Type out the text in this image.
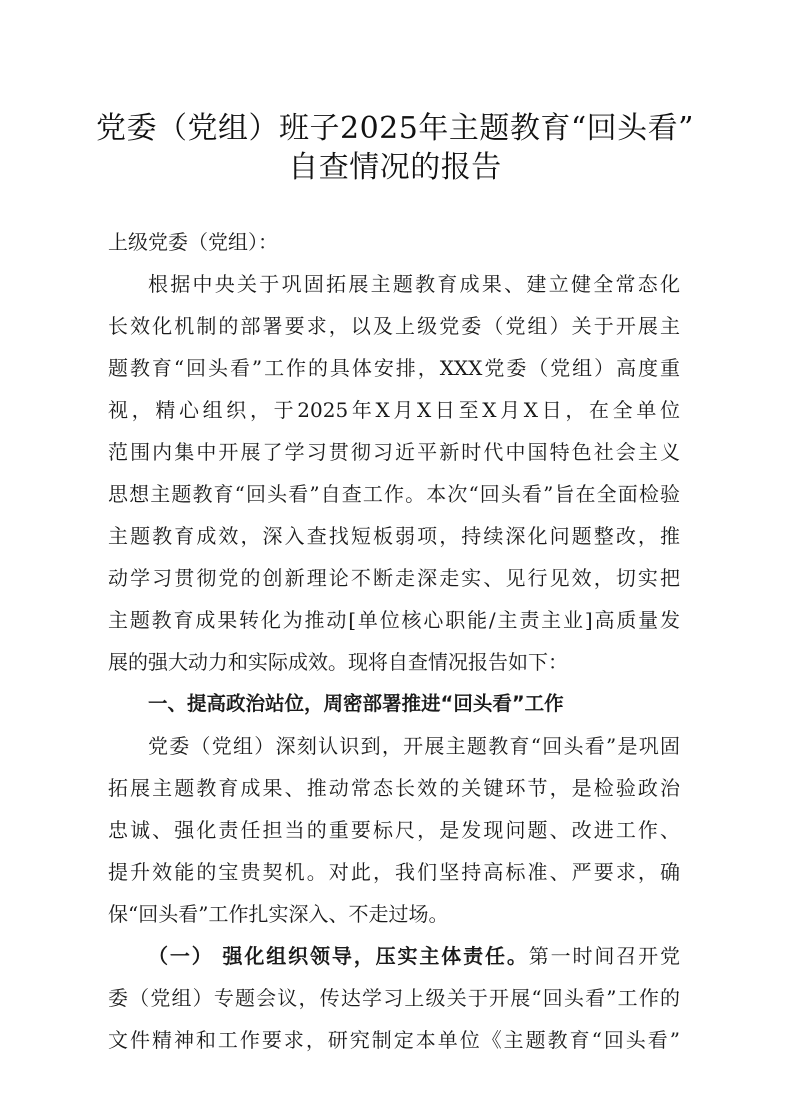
党委（党组）班子2025年主题教育“回头看”
自查情况的报告
上级党委（党组）：
根据中央关于巩固拓展主题教育成果、建立健全常态化
长效化机制的部署要求，以及上级党委（党组）关于开展主
题教育“回头看”工作的具体安排，XXX党委（党组）高度重
视，精心组织，于2025年X月X日至X月X日，在全单位
范围内集中开展了学习贯彻习近平新时代中国特色社会主义
思想主题教育“回头看”自查工作。本次“回头看”旨在全面检验
主题教育成效，深入查找短板弱项，持续深化问题整改，推
动学习贯彻党的创新理论不断走深走实、见行见效，切实把
主题教育成果转化为推动[单位核心职能/主责主业]高质量发
展的强大动力和实际成效。现将自查情况报告如下：
一、提高政治站位，周密部署推进“回头看”工作
党委（党组）深刻认识到，开展主题教育“回头看”是巩固
拓展主题教育成果、推动常态长效的关键环节，是检验政治
忠诚、强化责任担当的重要标尺，是发现问题、改进工作、
提升效能的宝贵契机。对此，我们坚持高标准、严要求，确
保“回头看”工作扎实深入、不走过场。
（一） 强化组织领导，压实主体责任。第一时间召开党
委（党组）专题会议，传达学习上级关于开展“回头看”工作的
文件精神和工作要求，研究制定本单位《主题教育“回头看”
